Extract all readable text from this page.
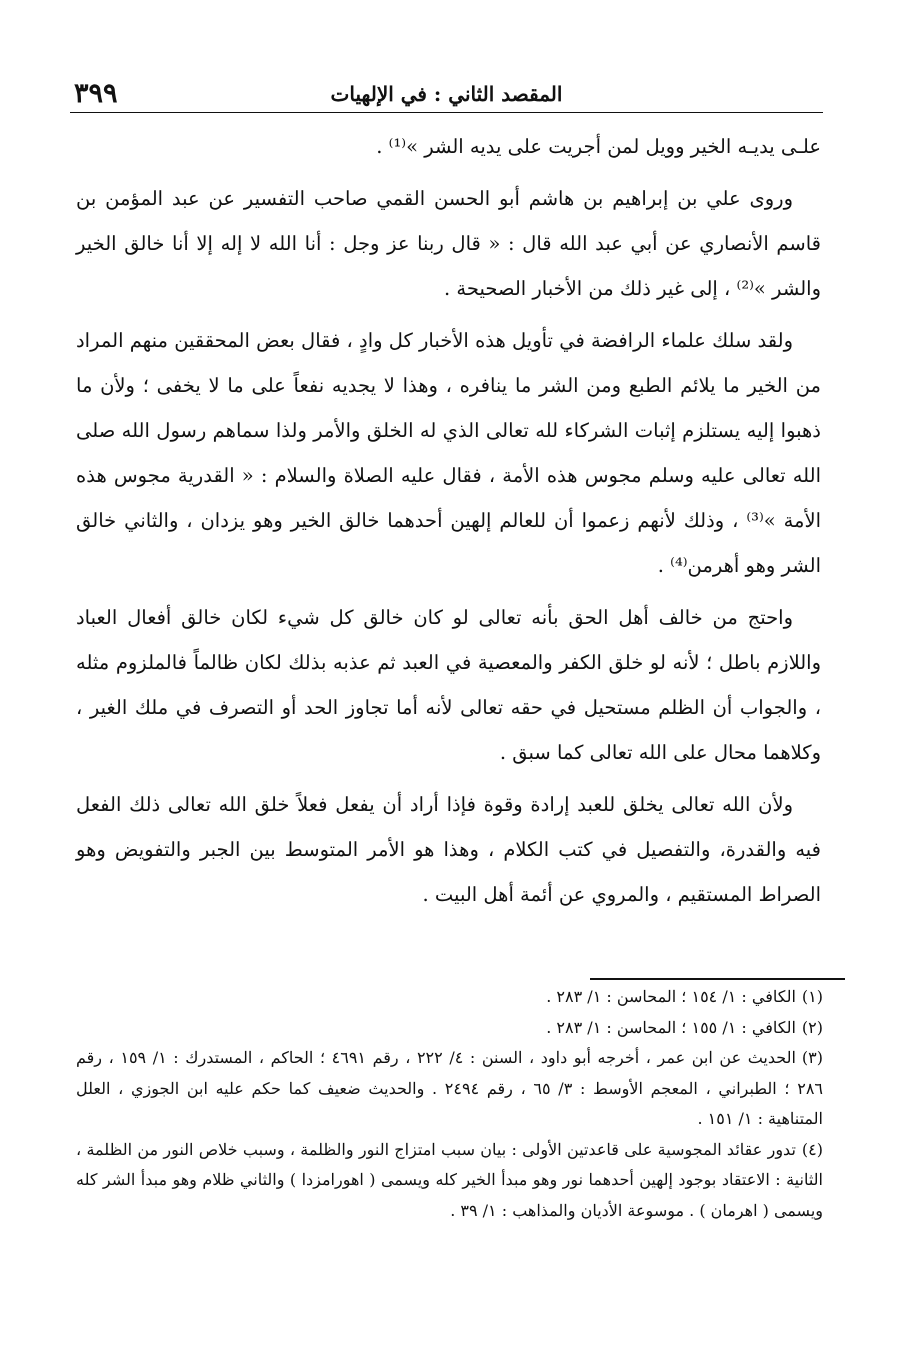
٣٩٩	المقصد الثاني : في الإلهيات

علـى يديـه الخير وويل لمن أجريت على يديه الشر »⁽¹⁾ .

وروى علي بن إبراهيم بن هاشم أبو الحسن القمي صاحب التفسير عن عبد المؤمن بن قاسم الأنصاري عن أبي عبد الله قال : « قال ربنا عز وجل : أنا الله لا إله إلا أنا خالق الخير والشر »⁽²⁾ ، إلى غير ذلك من الأخبار الصحيحة .

ولقد سلك علماء الرافضة في تأويل هذه الأخبار كل وادٍ ، فقال بعض المحققين منهم المراد من الخير ما يلائم الطبع ومن الشر ما ينافره ، وهذا لا يجديه نفعاً على ما لا يخفى ؛ ولأن ما ذهبوا إليه يستلزم إثبات الشركاء لله تعالى الذي له الخلق والأمر ولذا سماهم رسول الله صلى الله تعالى عليه وسلم مجوس هذه الأمة ، فقال عليه الصلاة والسلام : « القدرية مجوس هذه الأمة »⁽³⁾ ، وذلك لأنهم زعموا أن للعالم إلهين أحدهما خالق الخير وهو يزدان ، والثاني خالق الشر وهو أهرمن⁽⁴⁾ .

واحتج من خالف أهل الحق بأنه تعالى لو كان خالق كل شيء لكان خالق أفعال العباد واللازم باطل ؛ لأنه لو خلق الكفر والمعصية في العبد ثم عذبه بذلك لكان ظالماً فالملزوم مثله ، والجواب أن الظلم مستحيل في حقه تعالى لأنه أما تجاوز الحد أو التصرف في ملك الغير ، وكلاهما محال على الله تعالى كما سبق .

ولأن الله تعالى يخلق للعبد إرادة وقوة فإذا أراد أن يفعل فعلاً خلق الله تعالى ذلك الفعل فيه والقدرة، والتفصيل في كتب الكلام ، وهذا هو الأمر المتوسط بين الجبر والتفويض وهو الصراط المستقيم ، والمروي عن أئمة أهل البيت .

(١)الكافي : ١/ ١٥٤ ؛ المحاسن : ١/ ٢٨٣ .

(٢)الكافي : ١/ ١٥٥ ؛ المحاسن : ١/ ٢٨٣ .

(٣)الحديث عن ابن عمر ، أخرجه أبو داود ، السنن : ٤/ ٢٢٢ ، رقم ٤٦٩١ ؛ الحاكم ، المستدرك : ١/ ١٥٩ ، رقم ٢٨٦ ؛ الطبراني ، المعجم الأوسط : ٣/ ٦٥ ، رقم ٢٤٩٤ . والحديث ضعيف كما حكم عليه ابن الجوزي ، العلل المتناهية : ١/ ١٥١ .

(٤)تدور عقائد المجوسية على قاعدتين الأولى : بيان سبب امتزاج النور والظلمة ، وسبب خلاص النور من الظلمة ، الثانية : الاعتقاد بوجود إلهين أحدهما نور وهو مبدأ الخير كله ويسمى ( اهورامزدا ) والثاني ظلام وهو مبدأ الشر كله ويسمى ( اهرمان ) . موسوعة الأديان والمذاهب : ١/ ٣٩ .
